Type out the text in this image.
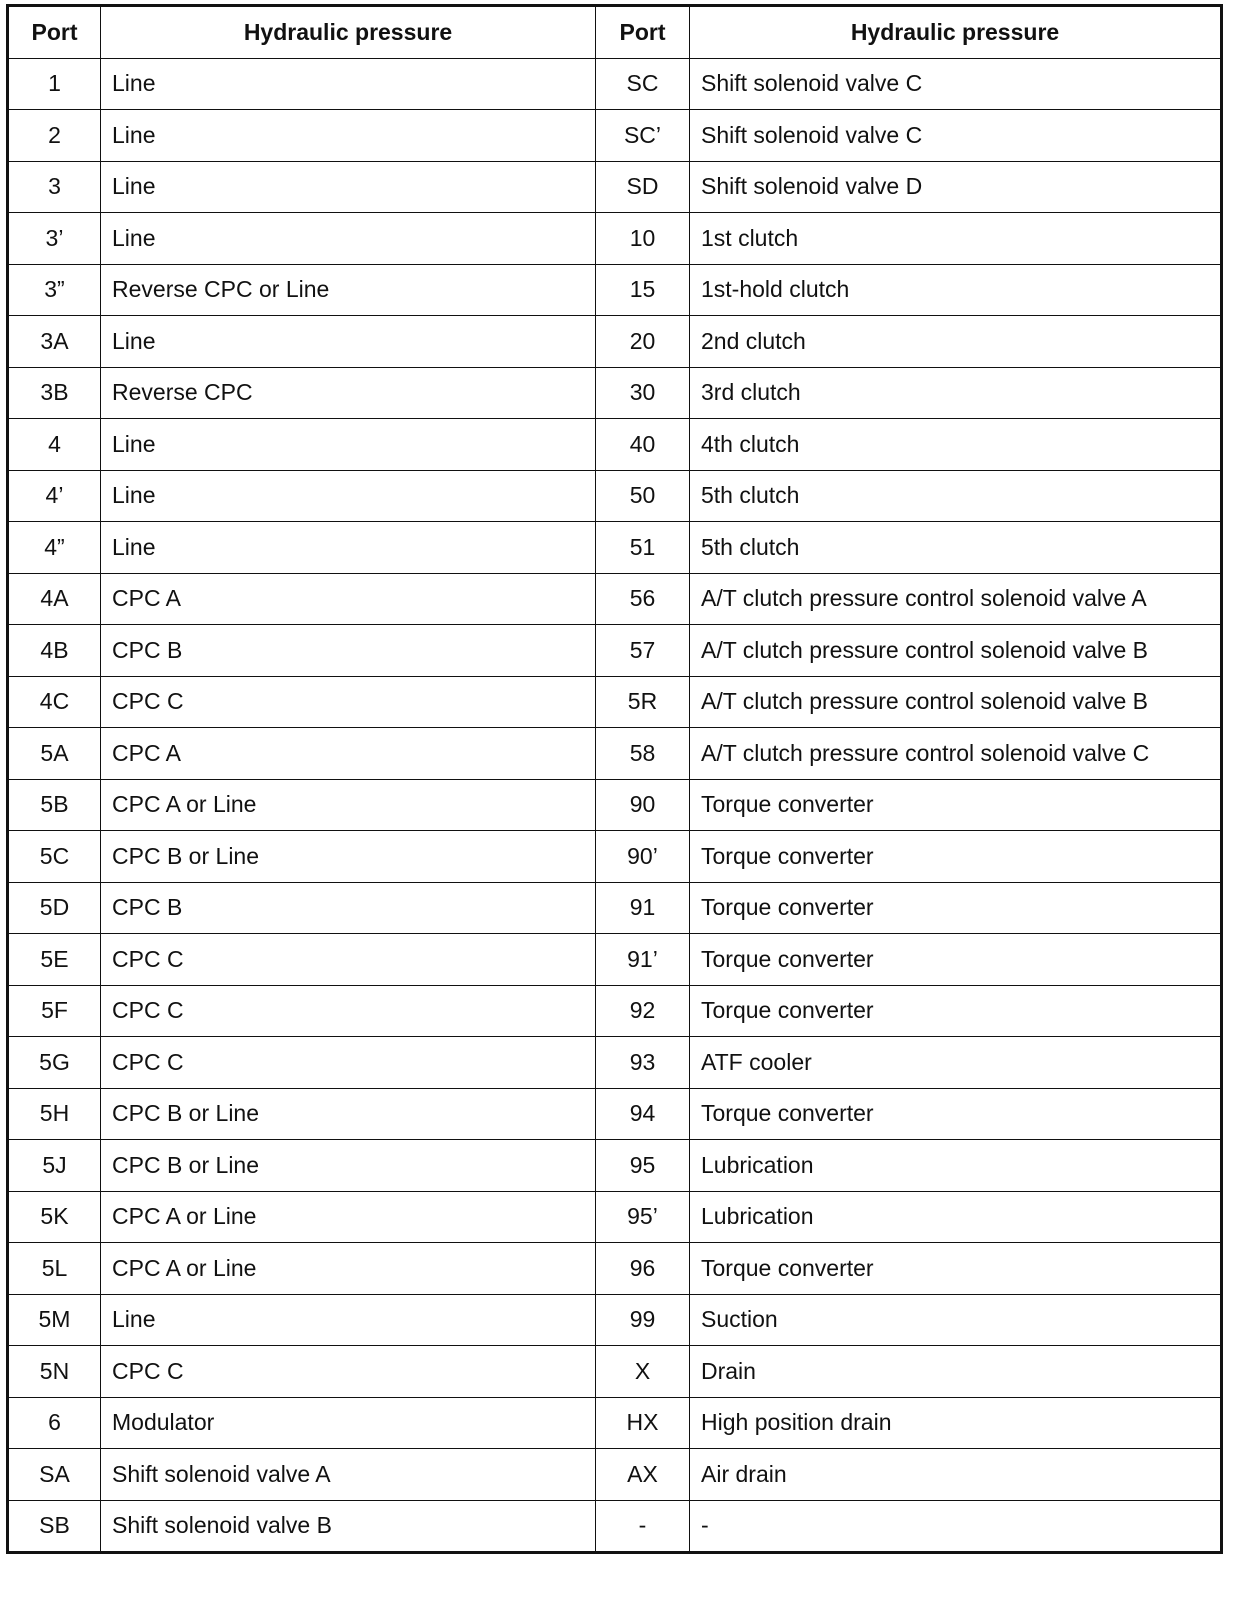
Port	Hydraulic pressure	Port	Hydraulic pressure
1	Line	SC	Shift solenoid valve C
2	Line	SC’	Shift solenoid valve C
3	Line	SD	Shift solenoid valve D
3’	Line	10	1st clutch
3”	Reverse CPC or Line	15	1st-hold clutch
3A	Line	20	2nd clutch
3B	Reverse CPC	30	3rd clutch
4	Line	40	4th clutch
4’	Line	50	5th clutch
4”	Line	51	5th clutch
4A	CPC A	56	A/T clutch pressure control solenoid valve A
4B	CPC B	57	A/T clutch pressure control solenoid valve B
4C	CPC C	5R	A/T clutch pressure control solenoid valve B
5A	CPC A	58	A/T clutch pressure control solenoid valve C
5B	CPC A or Line	90	Torque converter
5C	CPC B or Line	90’	Torque converter
5D	CPC B	91	Torque converter
5E	CPC C	91’	Torque converter
5F	CPC C	92	Torque converter
5G	CPC C	93	ATF cooler
5H	CPC B or Line	94	Torque converter
5J	CPC B or Line	95	Lubrication
5K	CPC A or Line	95’	Lubrication
5L	CPC A or Line	96	Torque converter
5M	Line	99	Suction
5N	CPC C	X	Drain
6	Modulator	HX	High position drain
SA	Shift solenoid valve A	AX	Air drain
SB	Shift solenoid valve B	-	-
